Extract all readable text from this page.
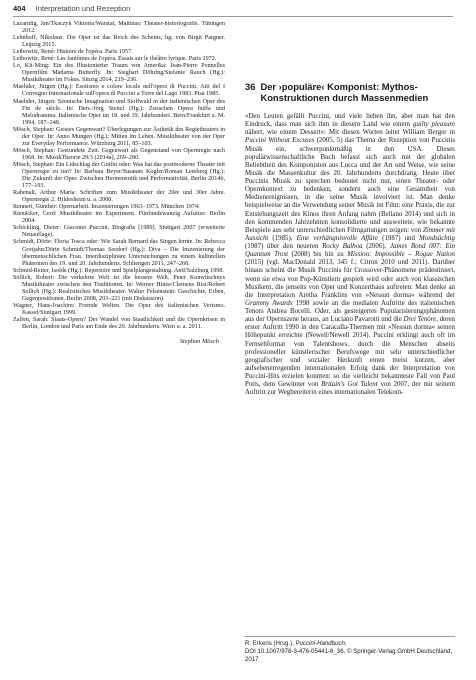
404 Interpretation und Rezeption

Lazaridig, Jan/Tkaczyk Viktoria/Warstat, Matthias: Theater-historiografie. Tübingen 2012.

Lehnhoff, Nikolaus: Die Oper ist das Reich des Scheins, hg. von Birgit Pargner. Leipzig 2015.

Leibowitz, René: Histoire de l'opéra. Paris 1957.

Leibowitz, René: Les fantômes de l'opéra. Essais sur le théâtre lyrique. Paris 1972.

Lo, Kii-Ming: Ein des Illusionierter Traum von Amerika: Jean-Pierre Ponnelles Opernfilm Madama Butterfly. In: Sieghart Döhring/Stefanie Rauch (Hg.): Musiktheater im Fokus. Sinzig 2014, 219–236.

Maehder, Jürgen (Hg.): Esotismo e colore locale nell'opera di Puccini. Atti del I Convegno Internazionale sull'opera di Puccini a Torre del Lago 1983. Pisa 1985.

Maehder, Jürgen: Szenische Imagination und Stoffwahl in der italienischen Oper des Fin de siècle. In: Ders./Jörg Stenzl (Hg.): Zwischen Opera buffa und Melodramma. Italienische Oper im 18. und 19. Jahrhundert. Bern/Frankfurt a. M. 1994, 187–248.

Mösch, Stephan: Geistes Gegenwart? Überlegungen zur Ästhetik des Regietheaters in der Oper. In: Anno Mungen (Hg.): Mitten im Leben. Musiktheater von der Oper zur Everyday Performance. Würzburg 2011, 85–103.

Mösch, Stephan: Gestundete Zeit. Gegenwart als Gegenstand von Opernregie nach 1968. In: MusikTheorie 29/3 (2014a), 269–280.

Mösch, Stephan: Ein Lidschlag der Gräfin oder: Was hat das postmoderne Theater mit Opernregie zu tun? In: Barbara Beyer/Susanne Kogler/Roman Lemberg (Hg.): Die Zukunft der Oper. Zwischen Hermeneutik und Performativität. Berlin 2014b, 177–193.

Rabenalt, Arthur Maria: Schriften zum Musiktheater der 20er und 30er Jahre. Opernregie 2. Hildesheim u. a. 2000.

Rennert, Günther: Opernarbeit. Inszenierungen 1963–1973. München 1974.

Rienäcker, Gerd: Musiktheater im Experiment. Fünfundzwanzig Aufsätze. Berlin 2004.

Schickling, Dieter: Giacomo Puccini. Biografie [1989]. Stuttgart 2007 (erweiterte Neuauflage).

Schmidt, Dörte: Floria Tosca oder: Wie Sarah Bernard das Singen lernte. In: Rebecca Grotjahn/Dörte Schmidt/Thomas Seedorf (Hg.): Diva – Die Inszenierung der übermenschlichen Frau. Interdisziplinäre Untersuchungen zu einem kulturellen Phänomen des 19. und 20. Jahrhunderts. Schliengen 2011, 247–268.

Schmid-Reiter, Isolde (Hg.): Repertoire und Spielplangestaltung. Anif/Salzburg 1998.

Söllich, Robert: Die verkehrte Welt ist die bessere Welt. Peter Konwitschnys Musiktheater zwischen den Traditionen. In: Werner Hinze/Clemens Risi/Robert Sollich (Hg.): Realistisches Musiktheater. Walter Felsenstein: Geschichte, Erben, Gegenpositionen. Berlin 2008, 203–221 (mit Diskussion).

Wagner, Hans-Joachim: Fremde Welten. Die Oper des italienischen Verismo. Kassel/Stuttgart 1999.

Zalfen, Sarah: Staats-Opern? Der Wandel von Staatlichkeit und die Opernkrisen in Berlin, London und Paris am Ende des 20. Jahrhunderts. Wien u. a. 2011.

Stephan Mösch
36 Der ›populäre‹ Komponist: Mythos-Konstruktionen durch Massenmedien

»Den Leuten gefällt Puccini, und viele lieben ihn, aber man hat den Eindruck, dass man sich ihm in diesem Land wie einem guilty pleasure nähert, wie einem Dessert«: Mit diesen Worten leitet William Berger in Puccini Without Excuses (2005, 5) das Thema der Rezeption von Puccinis Musik ein, schwerpunktmäßig in den USA. Dieses populärwissenschaftliche Buch befasst sich auch mit der globalen Beliebtheit des Komponisten aus Lucca und der Art und Weise, wie seine Musik die Massenkultur des 20. Jahrhunderts durchdrang. Heute über Puccinis Musik zu sprechen bedeutet nicht nur, einen Theater- oder Opernkontext zu bedenken, sondern auch eine Gesamtheit von Medienereignissen, in die seine Musik involviert ist. Man denke beispielweise an die Verwendung seiner Musik im Film: eine Praxis, die zur Entstehungszeit des Kinos ihren Anfang nahm (Bellano 2014) und sich in den kommenden Jahrzehnten konsolidierte und ausweitete, wie bekannte Beispiele aus sehr unterschiedlichen Filmgattungen zeigen: von Zimmer mit Aussicht (1985), Eine verhängnisvolle Affäre (1987) und Mondsüchtig (1987) über den neueren Rocky Balboa (2006), James Bond 007: Ein Quantum Trost (2008) bis hin zu Mission: Impossible – Rogue Nation (2015) (vgl. MacDonald 2013, 345 f.; Citron 2010 und 2011). Darüber hinaus scheint die Musik Puccinis für Crossover-Phänomene prädestiniert, wenn sie etwa von Pop-Künstlern gespielt wird oder auch von klassischen Musikern, die jenseits von Oper und Konzerthaus auftreten: Man denke an die Interpretation Aretha Franklins von »Nessun dorma« während der Grammy Awards 1998 sowie an die medialen Auftritte des italienischen Tenors Andrea Bocelli. Oder, als gesteigertes Popularisierungsphänomen aus der Opernszene heraus, an Luciano Pavarotti und die Drei Tenöre, deren erster Auftritt 1990 in den Caracalla-Thermen mit »Nessun dorma« seinen Höhepunkt erreichte (Newell/Newell 2014). Puccini erklingt auch oft im Fernsehformat von Talentshows, durch die Menschen abseits professioneller künstlerischer Berufswege mit sehr unterschiedlicher geografischer und sozialer Herkunft einen meist kurzen, aber aufsehenerregenden internationalen Erfolg dank der Interpretation von Puccini-Hits erzielen konnten: so die vielleicht bekannteste Fall von Paul Potts, dem Gewinner von Britain's Got Talent von 2007, der mit seinem Auftritt zur Wegbereiterin eines internationalen Telekom-

R. Erkens (Hrsg.), Puccini-Handbuch,
DOI 10.1007/978-3-476-05441-8_36, © Springer-Verlag GmbH Deutschland, 2017
